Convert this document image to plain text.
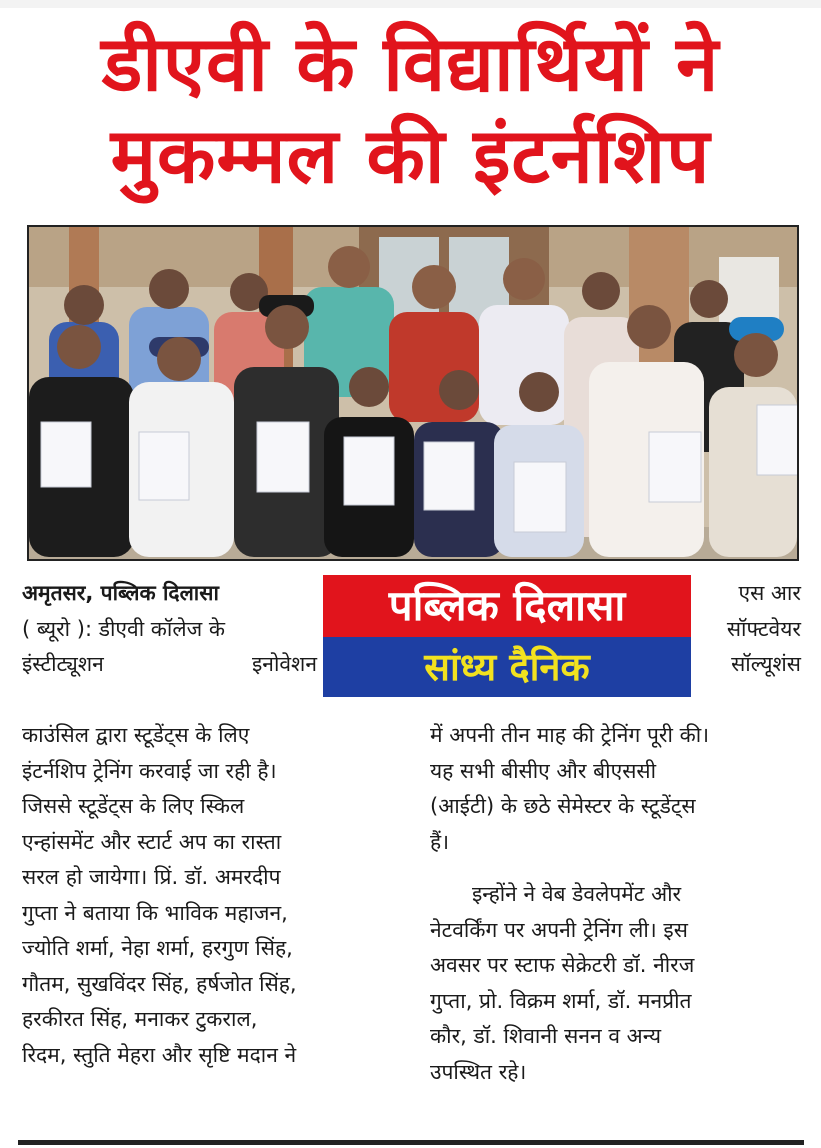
डीएवी के विद्यार्थियों ने
मुकम्मल की इंटर्नशिप

अमृतसर, पब्लिक दिलासा

( ब्यूरो ): डीएवी कॉलेज के

इंस्टीट्यूशन इनोवेशन

पब्लिक दिलासा
सांध्य दैनिक

एस आर

सॉफ्टवेयर

सॉल्यूशंस

काउंसिल द्वारा स्टूडेंट्स के लिए

इंटर्नशिप ट्रेनिंग करवाई जा रही है।

जिससे स्टूडेंट्स के लिए स्किल

एन्हांसमेंट और स्टार्ट अप का रास्ता

सरल हो जायेगा। प्रिं. डॉ. अमरदीप

गुप्ता ने बताया कि भाविक महाजन,

ज्योति शर्मा, नेहा शर्मा, हरगुण सिंह,

गौतम, सुखविंदर सिंह, हर्षजोत सिंह,

हरकीरत सिंह, मनाकर टुकराल,

रिदम, स्तुति मेहरा और सृष्टि मदान ने

में अपनी तीन माह की ट्रेनिंग पूरी की।

यह सभी बीसीए और बीएससी

(आईटी) के छठे सेमेस्टर के स्टूडेंट्स

हैं।

इन्होंने ने वेब डेवलेपमेंट और

नेटवर्किंग पर अपनी ट्रेनिंग ली। इस

अवसर पर स्टाफ सेक्रेटरी डॉ. नीरज

गुप्ता, प्रो. विक्रम शर्मा, डॉ. मनप्रीत

कौर, डॉ. शिवानी सनन व अन्य

उपस्थित रहे।
